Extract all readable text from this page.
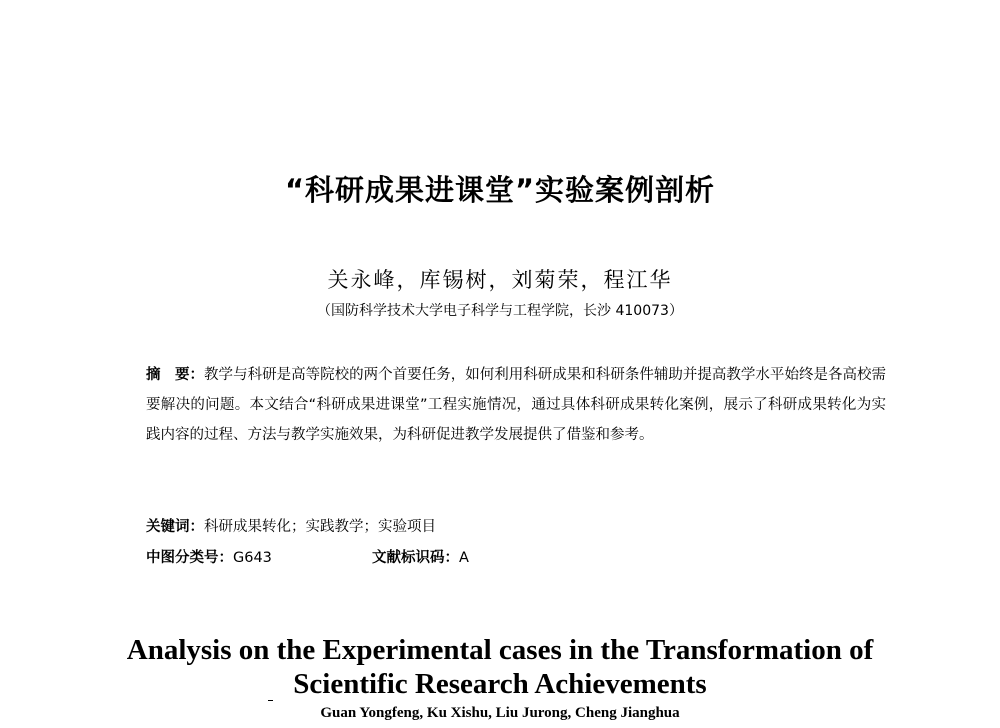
“科研成果进课堂”实验案例剖析
关永峰，库锡树，刘菊荣，程江华
（国防科学技术大学电子科学与工程学院，长沙 410073）
摘　要：教学与科研是高等院校的两个首要任务，如何利用科研成果和科研条件辅助并提高教学水平始终是各高校需要解决的问题。本文结合“科研成果进课堂”工程实施情况，通过具体科研成果转化案例，展示了科研成果转化为实践内容的过程、方法与教学实施效果，为科研促进教学发展提供了借鉴和参考。
关键词：科研成果转化；实践教学；实验项目
中图分类号：G643	文献标识码：A
Analysis on the Experimental cases in the Transformation of
Scientific Research Achievements
Guan Yongfeng, Ku Xishu, Liu Jurong, Cheng Jianghua
